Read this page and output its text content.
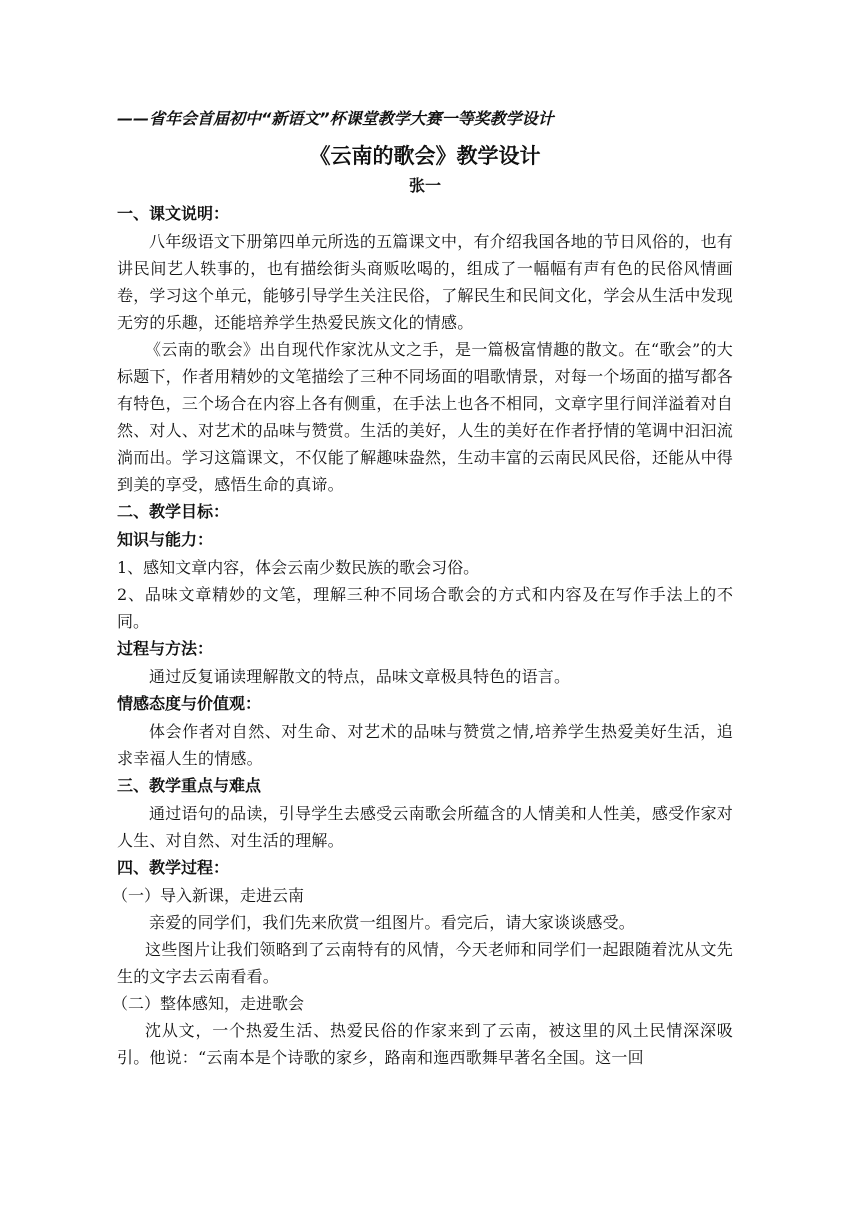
——省年会首届初中“新语文”杯课堂教学大赛一等奖教学设计

《云南的歌会》教学设计

张一

一、课文说明：

八年级语文下册第四单元所选的五篇课文中，有介绍我国各地的节日风俗的，也有讲民间艺人轶事的，也有描绘街头商贩吆喝的，组成了一幅幅有声有色的民俗风情画卷，学习这个单元，能够引导学生关注民俗，了解民生和民间文化，学会从生活中发现无穷的乐趣，还能培养学生热爱民族文化的情感。

《云南的歌会》出自现代作家沈从文之手，是一篇极富情趣的散文。在“歌会”的大标题下，作者用精妙的文笔描绘了三种不同场面的唱歌情景，对每一个场面的描写都各有特色，三个场合在内容上各有侧重，在手法上也各不相同，文章字里行间洋溢着对自然、对人、对艺术的品味与赞赏。生活的美好，人生的美好在作者抒情的笔调中汩汩流淌而出。学习这篇课文，不仅能了解趣味盎然，生动丰富的云南民风民俗，还能从中得到美的享受，感悟生命的真谛。

二、教学目标：

知识与能力：

1、感知文章内容，体会云南少数民族的歌会习俗。

2、品味文章精妙的文笔，理解三种不同场合歌会的方式和内容及在写作手法上的不同。

过程与方法：

通过反复诵读理解散文的特点，品味文章极具特色的语言。

情感态度与价值观：

体会作者对自然、对生命、对艺术的品味与赞赏之情,培养学生热爱美好生活，追求幸福人生的情感。

三、教学重点与难点

通过语句的品读，引导学生去感受云南歌会所蕴含的人情美和人性美，感受作家对人生、对自然、对生活的理解。

四、教学过程：

（一）导入新课，走进云南

亲爱的同学们，我们先来欣赏一组图片。看完后，请大家谈谈感受。

这些图片让我们领略到了云南特有的风情，今天老师和同学们一起跟随着沈从文先生的文字去云南看看。

（二）整体感知，走进歌会

沈从文，一个热爱生活、热爱民俗的作家来到了云南，被这里的风土民情深深吸引。他说：“云南本是个诗歌的家乡，路南和迤西歌舞早著名全国。这一回
